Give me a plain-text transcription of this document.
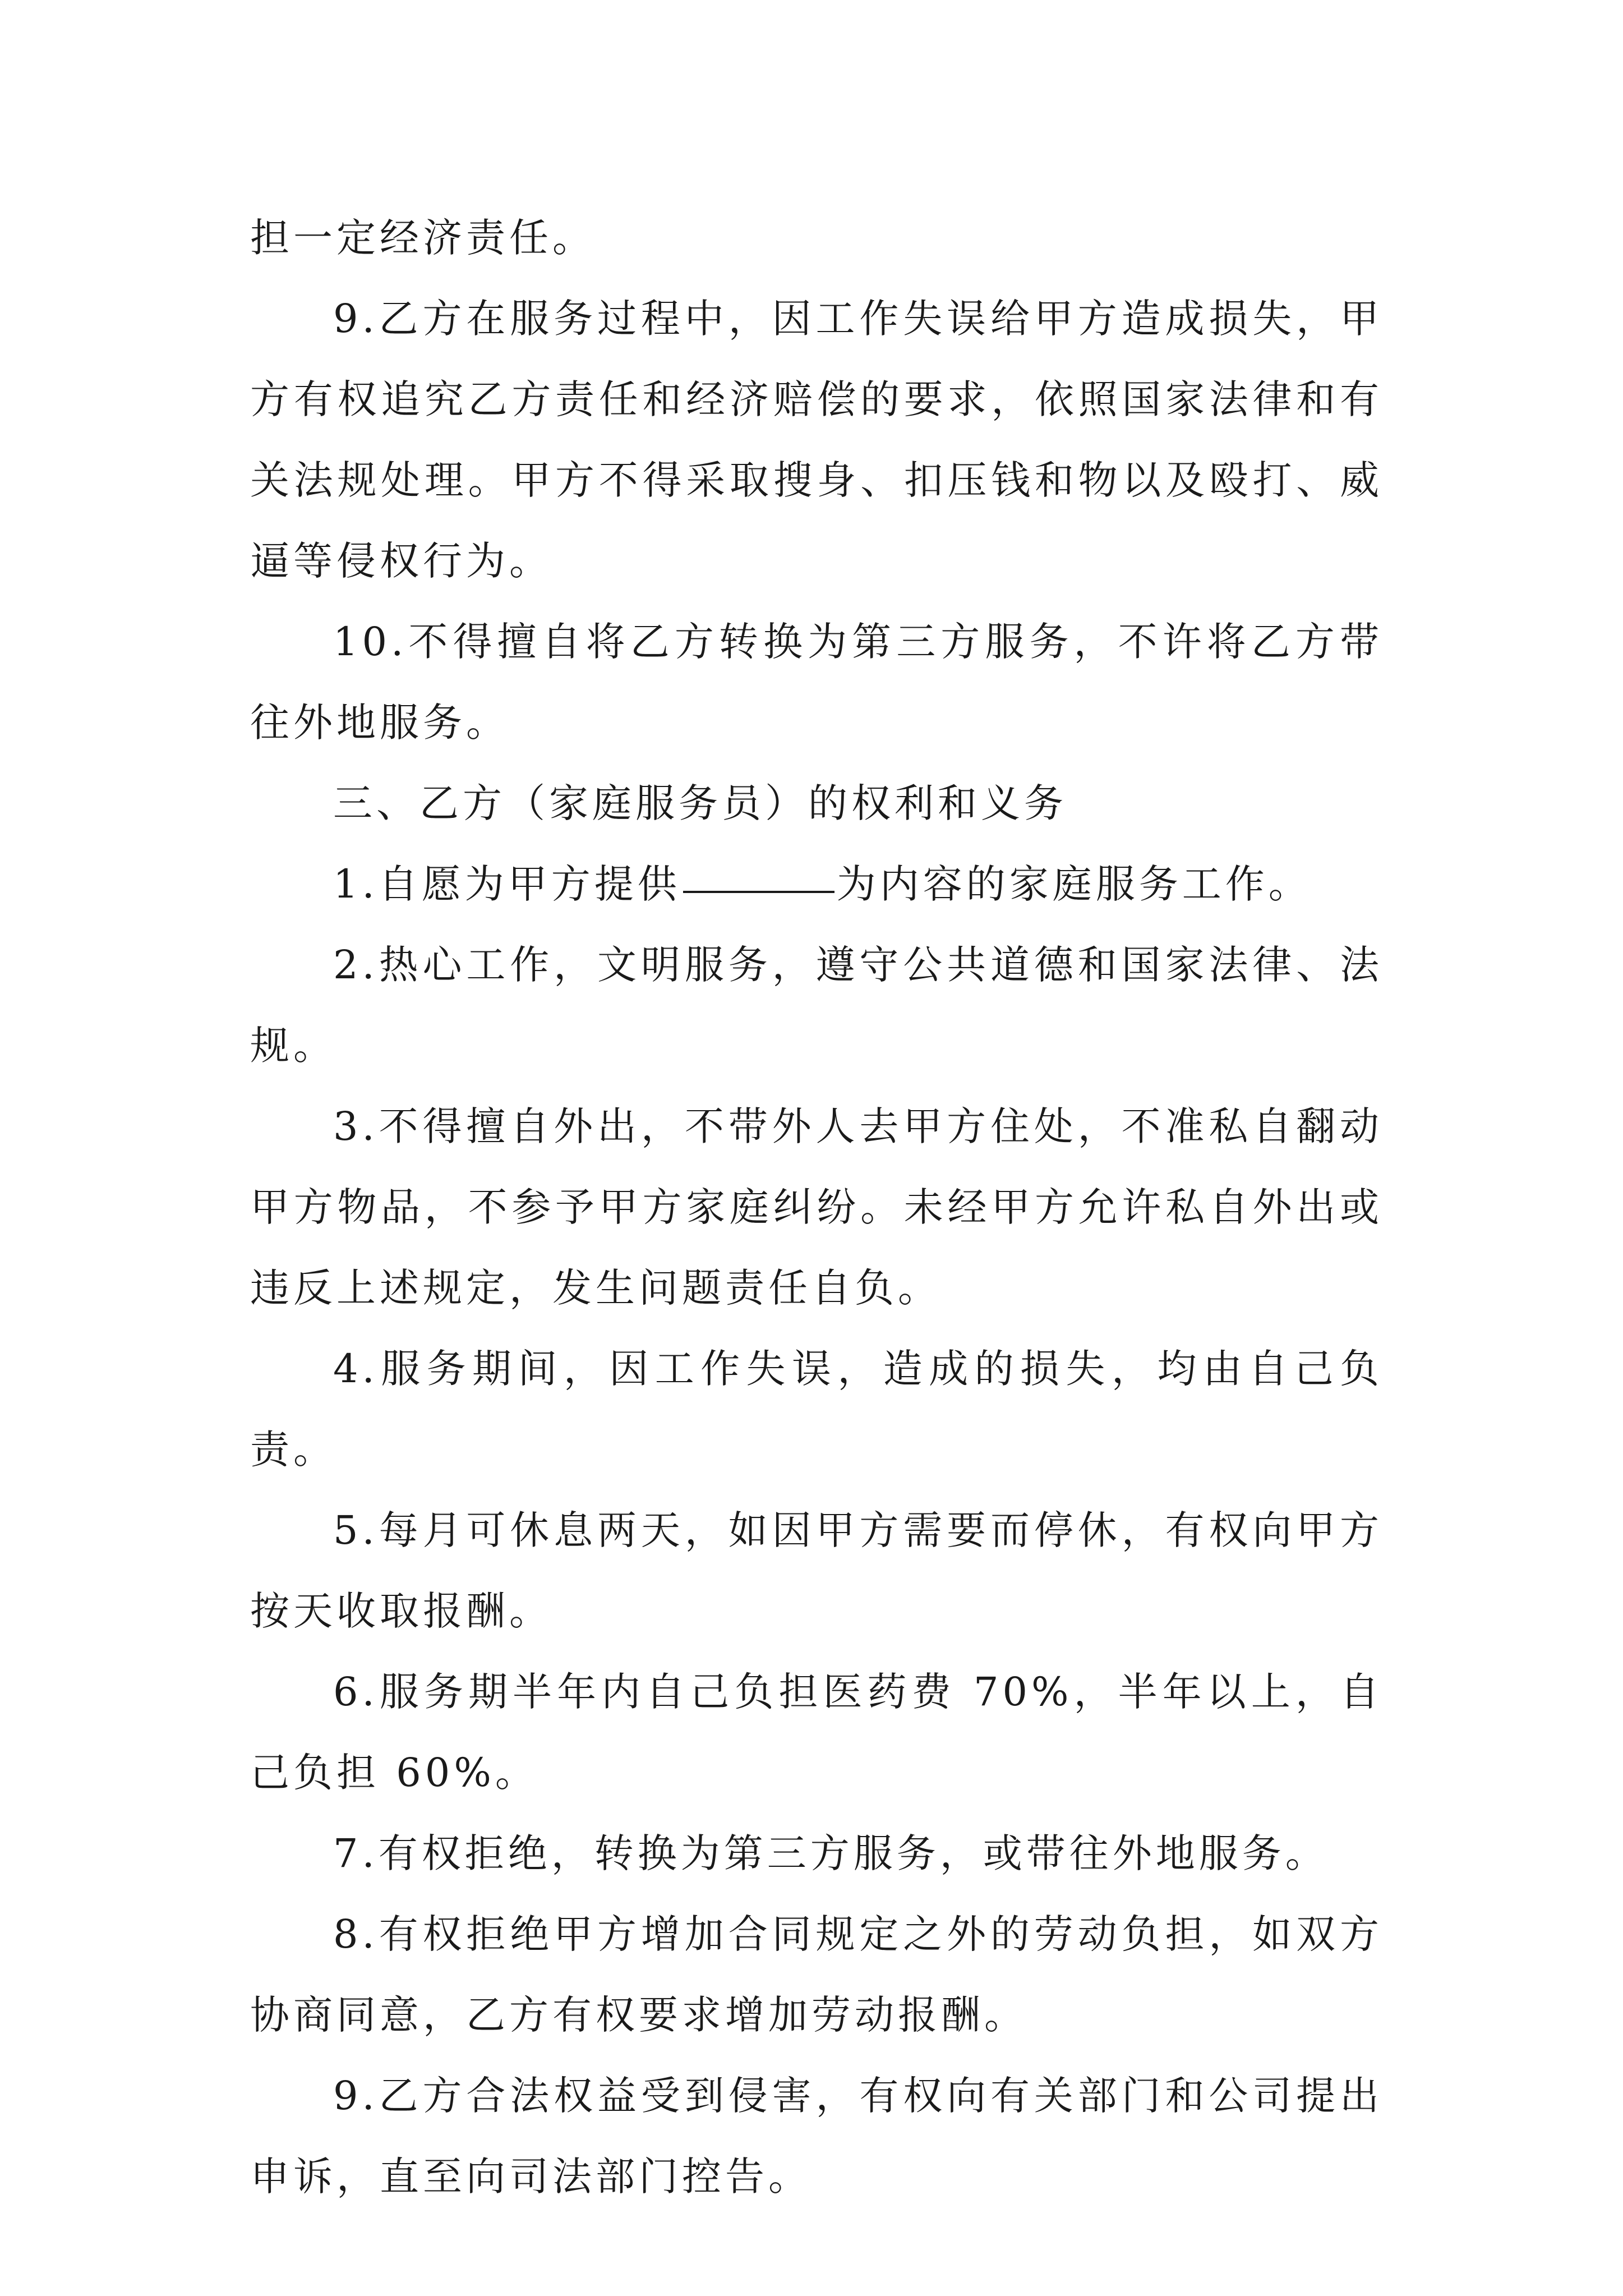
担一定经济责任。

9.乙方在服务过程中，因工作失误给甲方造成损失，甲方有权追究乙方责任和经济赔偿的要求，依照国家法律和有关法规处理。甲方不得采取搜身、扣压钱和物以及殴打、威逼等侵权行为。

10.不得擅自将乙方转换为第三方服务，不许将乙方带往外地服务。

三、乙方（家庭服务员）的权利和义务

1.自愿为甲方提供	为内容的家庭服务工作。

2.热心工作，文明服务，遵守公共道德和国家法律、法规。

3.不得擅自外出，不带外人去甲方住处，不准私自翻动甲方物品，不参予甲方家庭纠纷。未经甲方允许私自外出或违反上述规定，发生问题责任自负。

4.服务期间，因工作失误，造成的损失，均由自己负责。

5.每月可休息两天，如因甲方需要而停休，有权向甲方按天收取报酬。

6.服务期半年内自己负担医药费 70%，半年以上，自己负担 60%。

7.有权拒绝，转换为第三方服务，或带往外地服务。

8.有权拒绝甲方增加合同规定之外的劳动负担，如双方协商同意，乙方有权要求增加劳动报酬。

9.乙方合法权益受到侵害，有权向有关部门和公司提出申诉，直至向司法部门控告。
